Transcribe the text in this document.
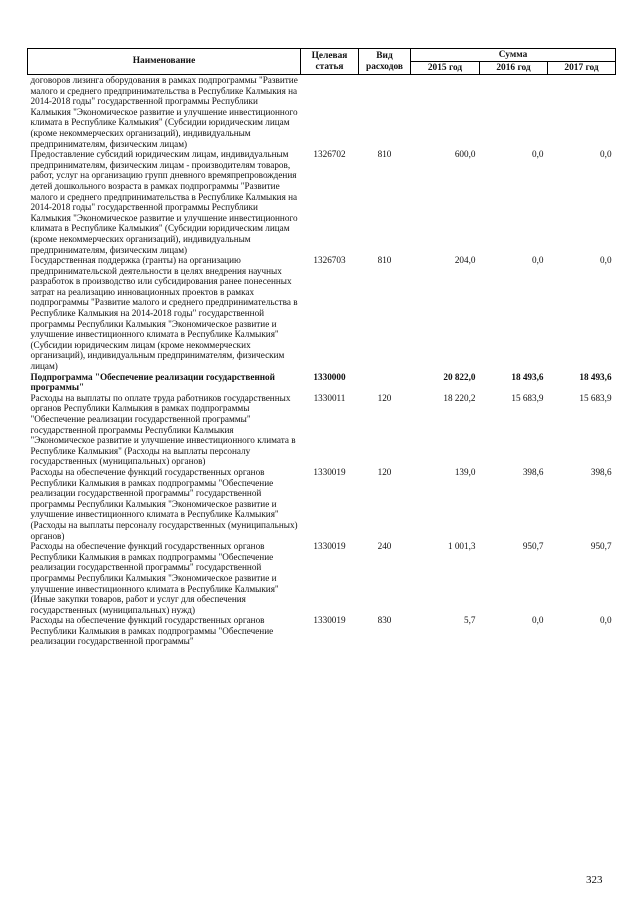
Наименование	Целевая статья	Вид расходов	Сумма		
			2015 год	2016 год	2017 год
договоров лизинга оборудования в рамках подпрограммы "Развитие малого и среднего предпринимательства в Республике Калмыкия на 2014-2018 годы" государственной программы Республики Калмыкия "Экономическое развитие и улучшение инвестиционного климата в Республике Калмыкия" (Субсидии юридическим лицам (кроме некоммерческих организаций), индивидуальным предпринимателям, физическим лицам)					
Предоставление субсидий юридическим лицам, индивидуальным предпринимателям, физическим лицам - производителям товаров, работ, услуг на организацию групп дневного времяпрепровождения детей дошкольного возраста в рамках подпрограммы "Развитие малого и среднего предпринимательства в Республике Калмыкия на 2014-2018 годы" государственной программы Республики Калмыкия "Экономическое развитие и улучшение инвестиционного климата в Республике Калмыкия" (Субсидии юридическим лицам (кроме некоммерческих организаций), индивидуальным предпринимателям, физическим лицам)	1326702	810	600,0	0,0	0,0
Государственная поддержка (гранты) на организацию предпринимательской деятельности в целях внедрения научных разработок в производство или субсидирования ранее понесенных затрат на реализацию инновационных проектов в рамках подпрограммы "Развитие малого и среднего предпринимательства в Республике Калмыкия на 2014-2018 годы" государственной программы Республики Калмыкия "Экономическое развитие и улучшение инвестиционного климата в Республике Калмыкия" (Субсидии юридическим лицам (кроме некоммерческих организаций), индивидуальным предпринимателям, физическим лицам)	1326703	810	204,0	0,0	0,0
Подпрограмма "Обеспечение реализации государственной программы"	1330000		20 822,0	18 493,6	18 493,6
Расходы на выплаты по оплате труда работников государственных органов Республики Калмыкия в рамках подпрограммы "Обеспечение реализации государственной программы" государственной программы Республики Калмыкия "Экономическое развитие и улучшение инвестиционного климата в Республике Калмыкия" (Расходы на выплаты персоналу государственных (муниципальных) органов)	1330011	120	18 220,2	15 683,9	15 683,9
Расходы на обеспечение функций государственных органов Республики Калмыкия в рамках подпрограммы "Обеспечение реализации государственной программы" государственной программы Республики Калмыкия "Экономическое развитие и улучшение инвестиционного климата в Республике Калмыкия" (Расходы на выплаты персоналу государственных (муниципальных) органов)	1330019	120	139,0	398,6	398,6
Расходы на обеспечение функций государственных органов Республики Калмыкия в рамках подпрограммы "Обеспечение реализации государственной программы" государственной программы Республики Калмыкия "Экономическое развитие и улучшение инвестиционного климата в Республике Калмыкия" (Иные закупки товаров, работ и услуг для обеспечения государственных (муниципальных) нужд)	1330019	240	1 001,3	950,7	950,7
Расходы на обеспечение функций государственных органов Республики Калмыкия в рамках подпрограммы "Обеспечение реализации государственной программы"	1330019	830	5,7	0,0	0,0
323
